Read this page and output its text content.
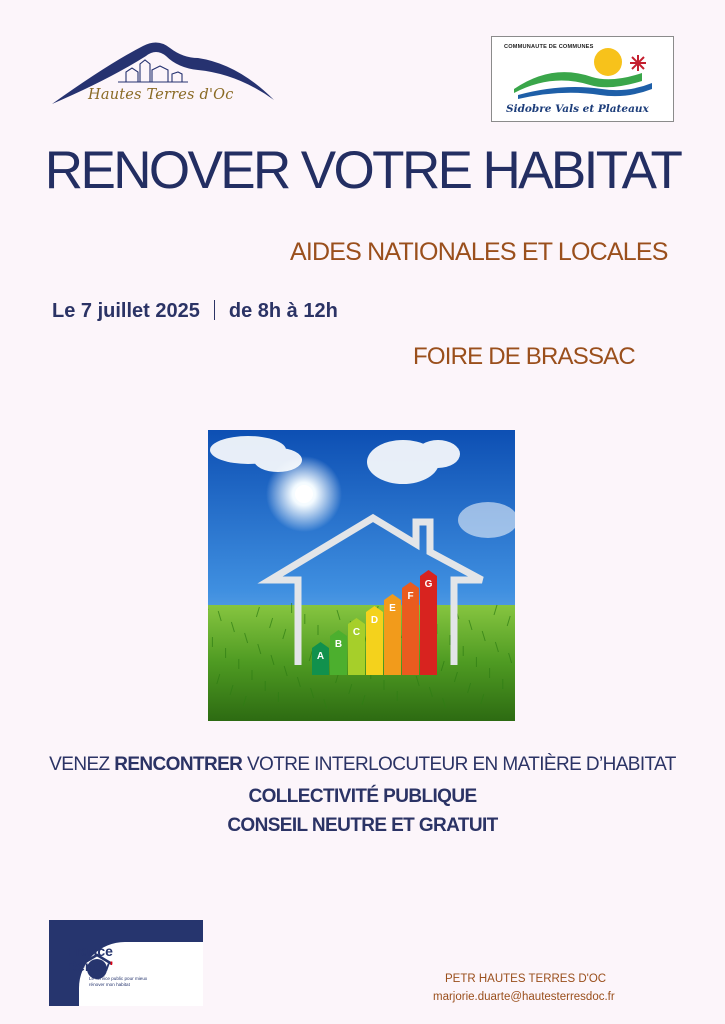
Hautes Terres d'Oc
COMMUNAUTE DE COMMUNES
Sidobre Vals et Plateaux
RENOVER VOTRE HABITAT
AIDES NATIONALES ET LOCALES
Le 7 juillet 2025 de 8h à 12h
FOIRE DE BRASSAC
A
B
C
D
E
F
G
VENEZ RENCONTRER VOTRE INTERLOCUTEUR EN MATIÈRE D’HABITAT
COLLECTIVITÉ PUBLIQUE
CONSEIL NEUTRE ET GRATUIT
France
Rénov'
Le service public pour mieux rénover mon habitat	PETR HAUTES TERRES D'OC
marjorie.duarte@hautesterresdoc.fr
